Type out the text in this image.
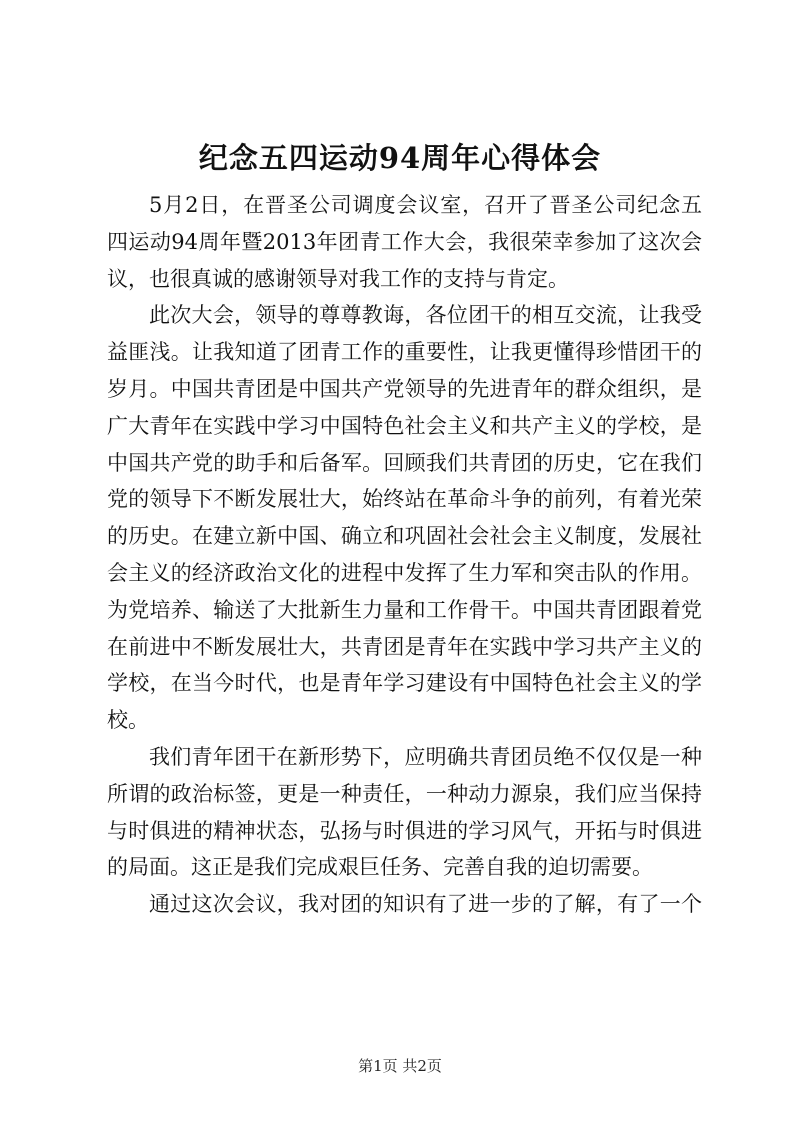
纪念五四运动94周年心得体会
5月2日，在晋圣公司调度会议室，召开了晋圣公司纪念五
四运动94周年暨2013年团青工作大会，我很荣幸参加了这次会
议，也很真诚的感谢领导对我工作的支持与肯定。
此次大会，领导的尊尊教诲，各位团干的相互交流，让我受
益匪浅。让我知道了团青工作的重要性，让我更懂得珍惜团干的
岁月。中国共青团是中国共产党领导的先进青年的群众组织，是
广大青年在实践中学习中国特色社会主义和共产主义的学校，是
中国共产党的助手和后备军。回顾我们共青团的历史，它在我们
党的领导下不断发展壮大，始终站在革命斗争的前列，有着光荣
的历史。在建立新中国、确立和巩固社会社会主义制度，发展社
会主义的经济政治文化的进程中发挥了生力军和突击队的作用。
为党培养、输送了大批新生力量和工作骨干。中国共青团跟着党
在前进中不断发展壮大，共青团是青年在实践中学习共产主义的
学校，在当今时代，也是青年学习建设有中国特色社会主义的学
校。
我们青年团干在新形势下，应明确共青团员绝不仅仅是一种
所谓的政治标签，更是一种责任，一种动力源泉，我们应当保持
与时俱进的精神状态，弘扬与时俱进的学习风气，开拓与时俱进
的局面。这正是我们完成艰巨任务、完善自我的迫切需要。
通过这次会议，我对团的知识有了进一步的了解，有了一个
第1页 共2页
